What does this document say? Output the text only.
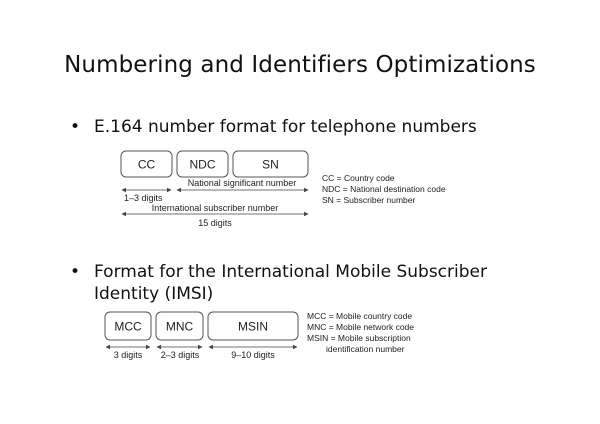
Numbering and Identifiers Optimizations
• E.164 number format for telephone numbers
• Format for the International Mobile Subscriber Identity (IMSI)
CC	NDC	SN
1–3 digits
National significant number
International subscriber number
15 digits
CC = Country code
NDC = National destination code
SN = Subscriber number
MCC MNC	MSIN
3 digits 2–3 digits	9–10 digits
MCC = Mobile country code
MNC = Mobile network code
MSIN = Mobile subscription
identification number
